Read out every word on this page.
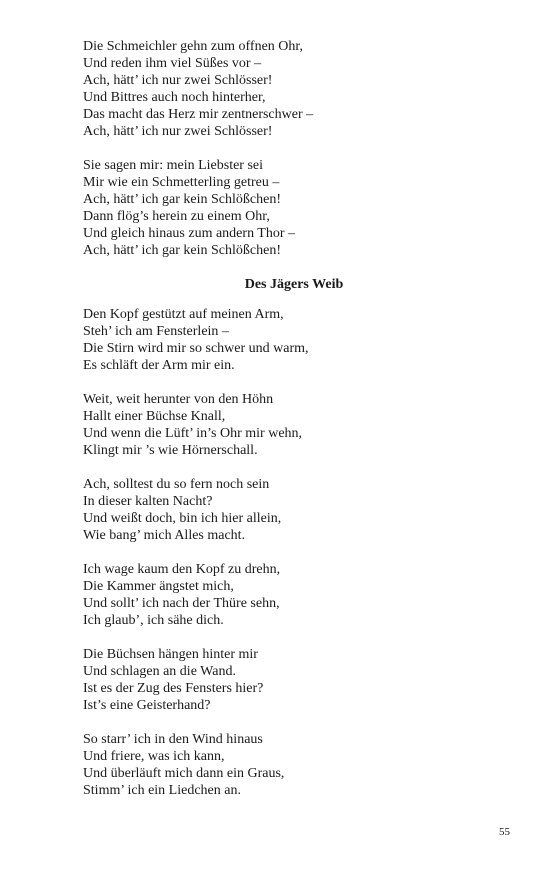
Die Schmeichler gehn zum offnen Ohr,
Und reden ihm viel Süßes vor –
Ach, hätt’ ich nur zwei Schlösser!
Und Bittres auch noch hinterher,
Das macht das Herz mir zentnerschwer –
Ach, hätt’ ich nur zwei Schlösser!
Sie sagen mir: mein Liebster sei
Mir wie ein Schmetterling getreu –
Ach, hätt’ ich gar kein Schlößchen!
Dann flög’s herein zu einem Ohr,
Und gleich hinaus zum andern Thor –
Ach, hätt’ ich gar kein Schlößchen!
Des Jägers Weib
Den Kopf gestützt auf meinen Arm,
Steh’ ich am Fensterlein –
Die Stirn wird mir so schwer und warm,
Es schläft der Arm mir ein.
Weit, weit herunter von den Höhn
Hallt einer Büchse Knall,
Und wenn die Lüft’ in’s Ohr mir wehn,
Klingt mir ’s wie Hörnerschall.
Ach, solltest du so fern noch sein
In dieser kalten Nacht?
Und weißt doch, bin ich hier allein,
Wie bang’ mich Alles macht.
Ich wage kaum den Kopf zu drehn,
Die Kammer ängstet mich,
Und sollt’ ich nach der Thüre sehn,
Ich glaub’, ich sähe dich.
Die Büchsen hängen hinter mir
Und schlagen an die Wand.
Ist es der Zug des Fensters hier?
Ist’s eine Geisterhand?
So starr’ ich in den Wind hinaus
Und friere, was ich kann,
Und überläuft mich dann ein Graus,
Stimm’ ich ein Liedchen an.
55
